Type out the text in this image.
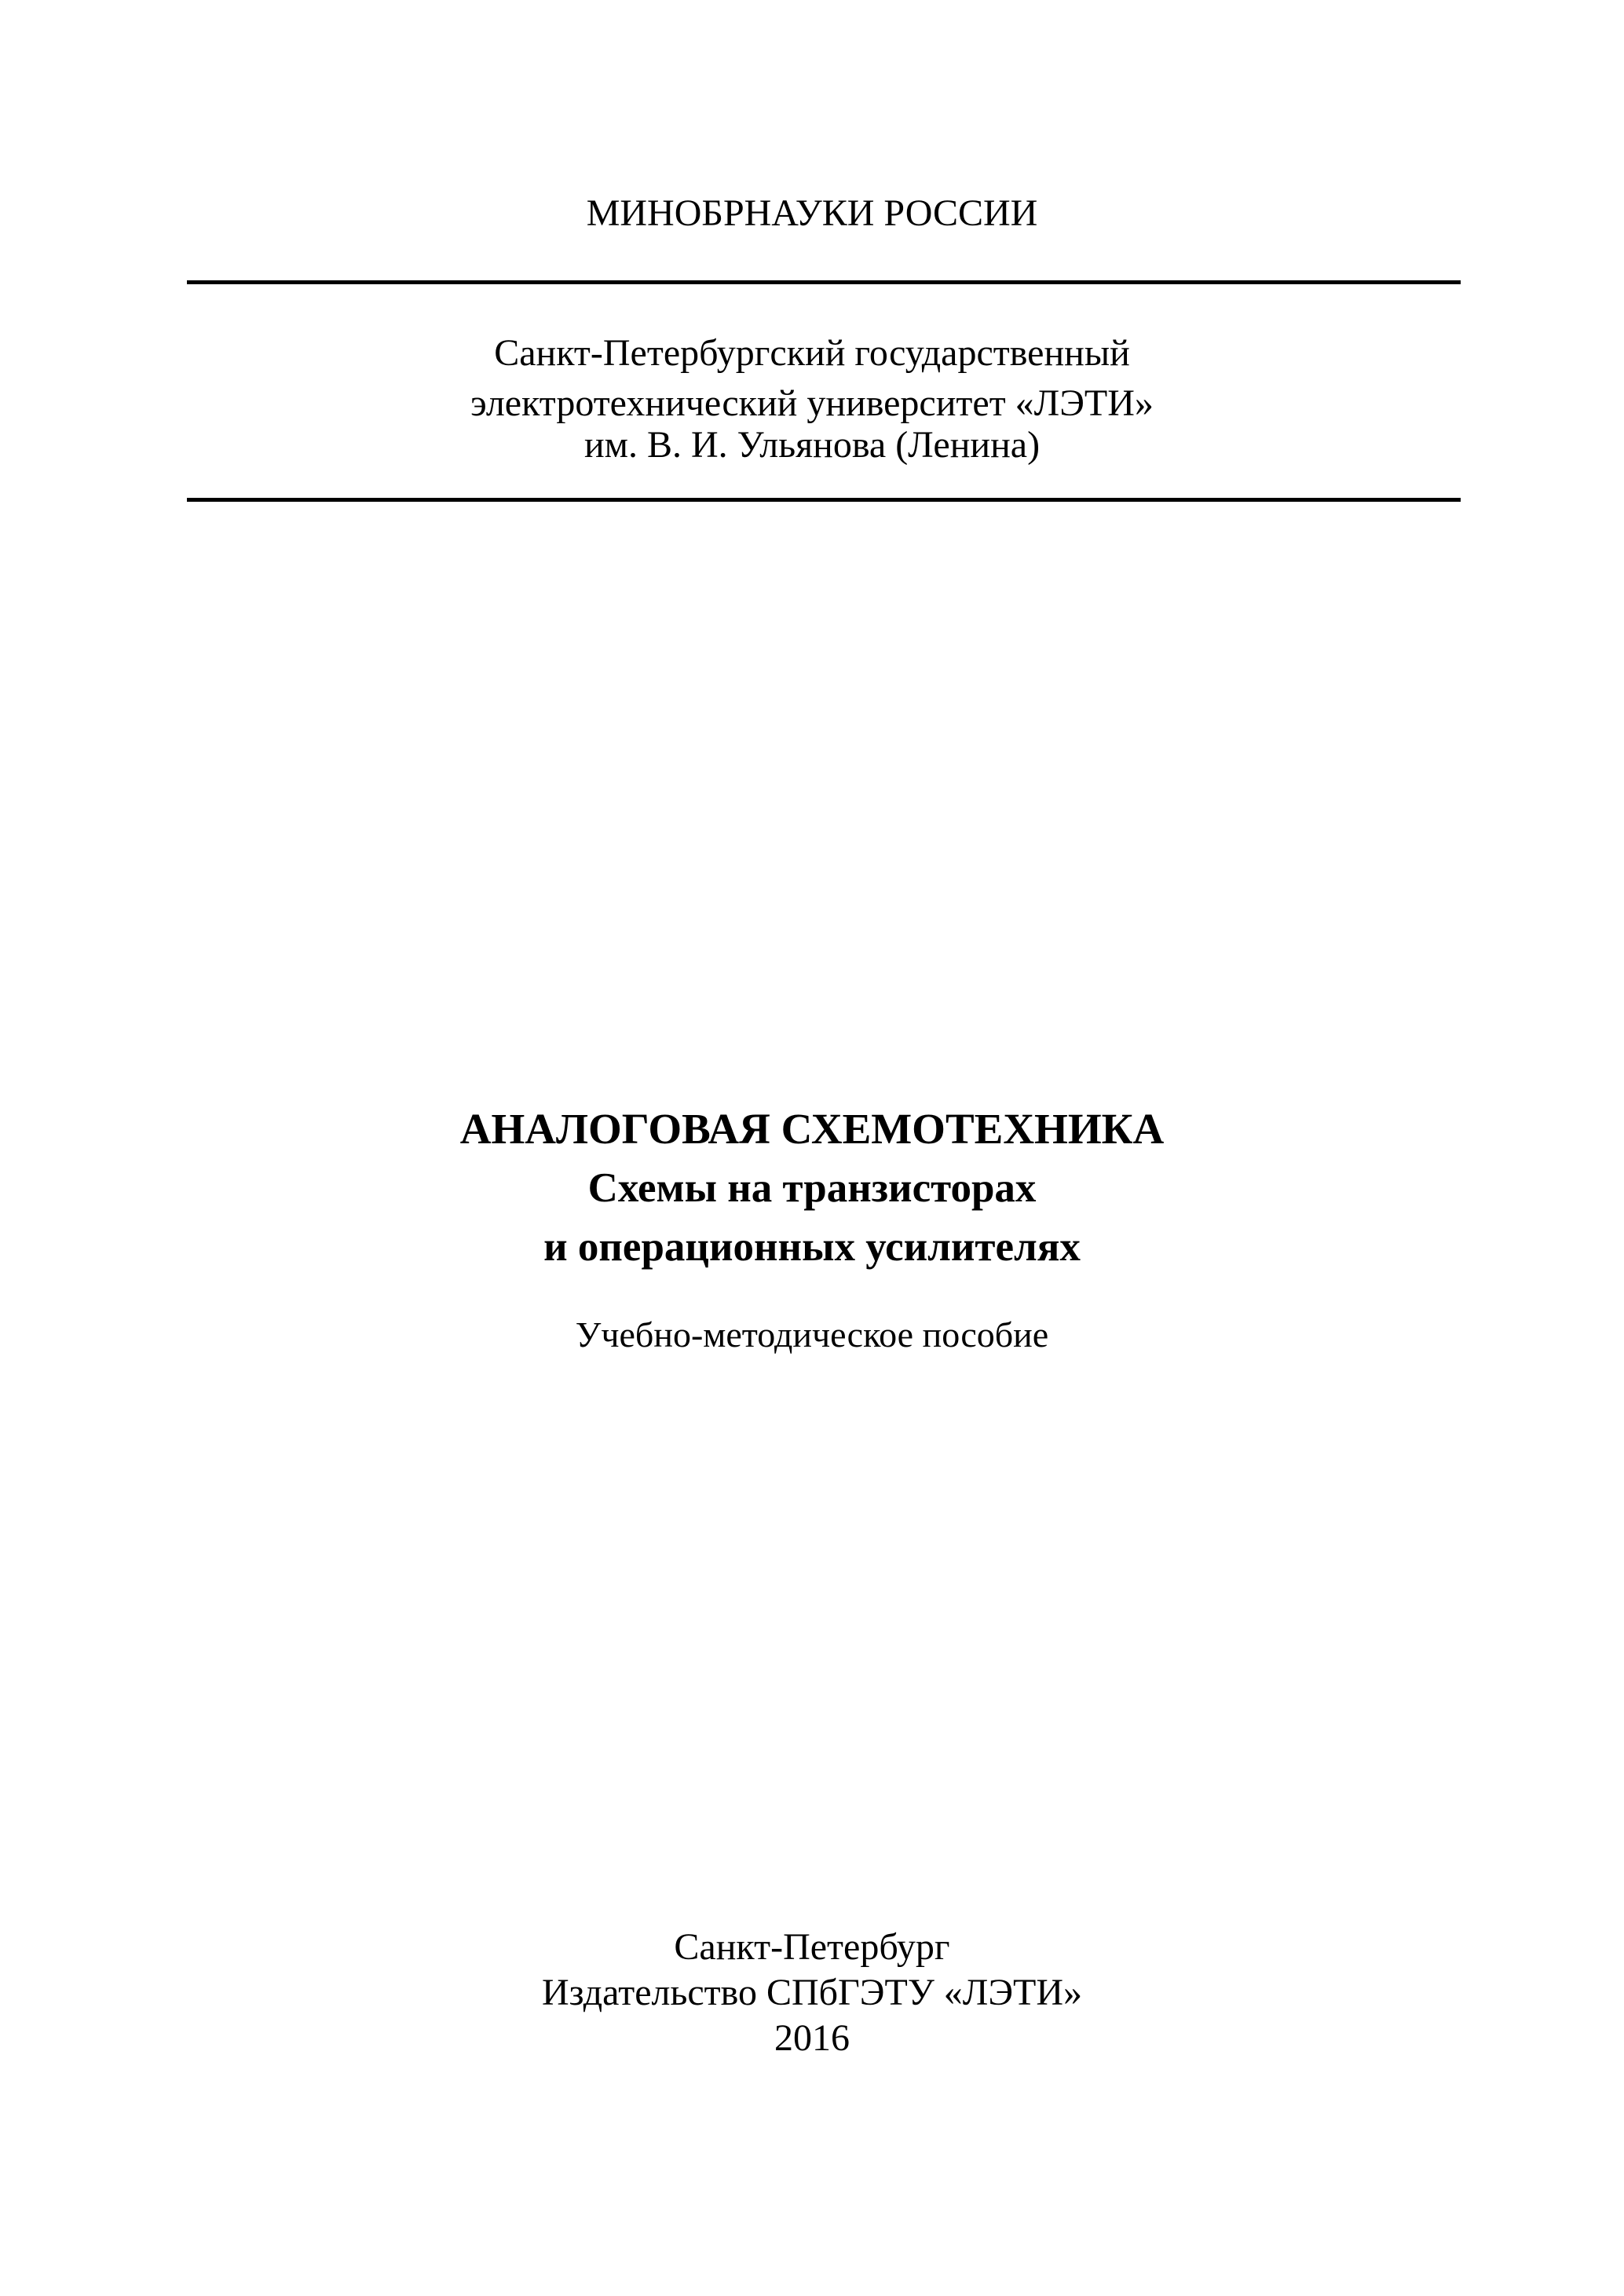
МИНОБРНАУКИ РОССИИ
Санкт-Петербургский государственный
электротехнический университет «ЛЭТИ»
им. В. И. Ульянова (Ленина)
АНАЛОГОВАЯ СХЕМОТЕХНИКА
Схемы на транзисторах
и операционных усилителях
Учебно-методическое пособие
Санкт-Петербург
Издательство СПбГЭТУ «ЛЭТИ»
2016
